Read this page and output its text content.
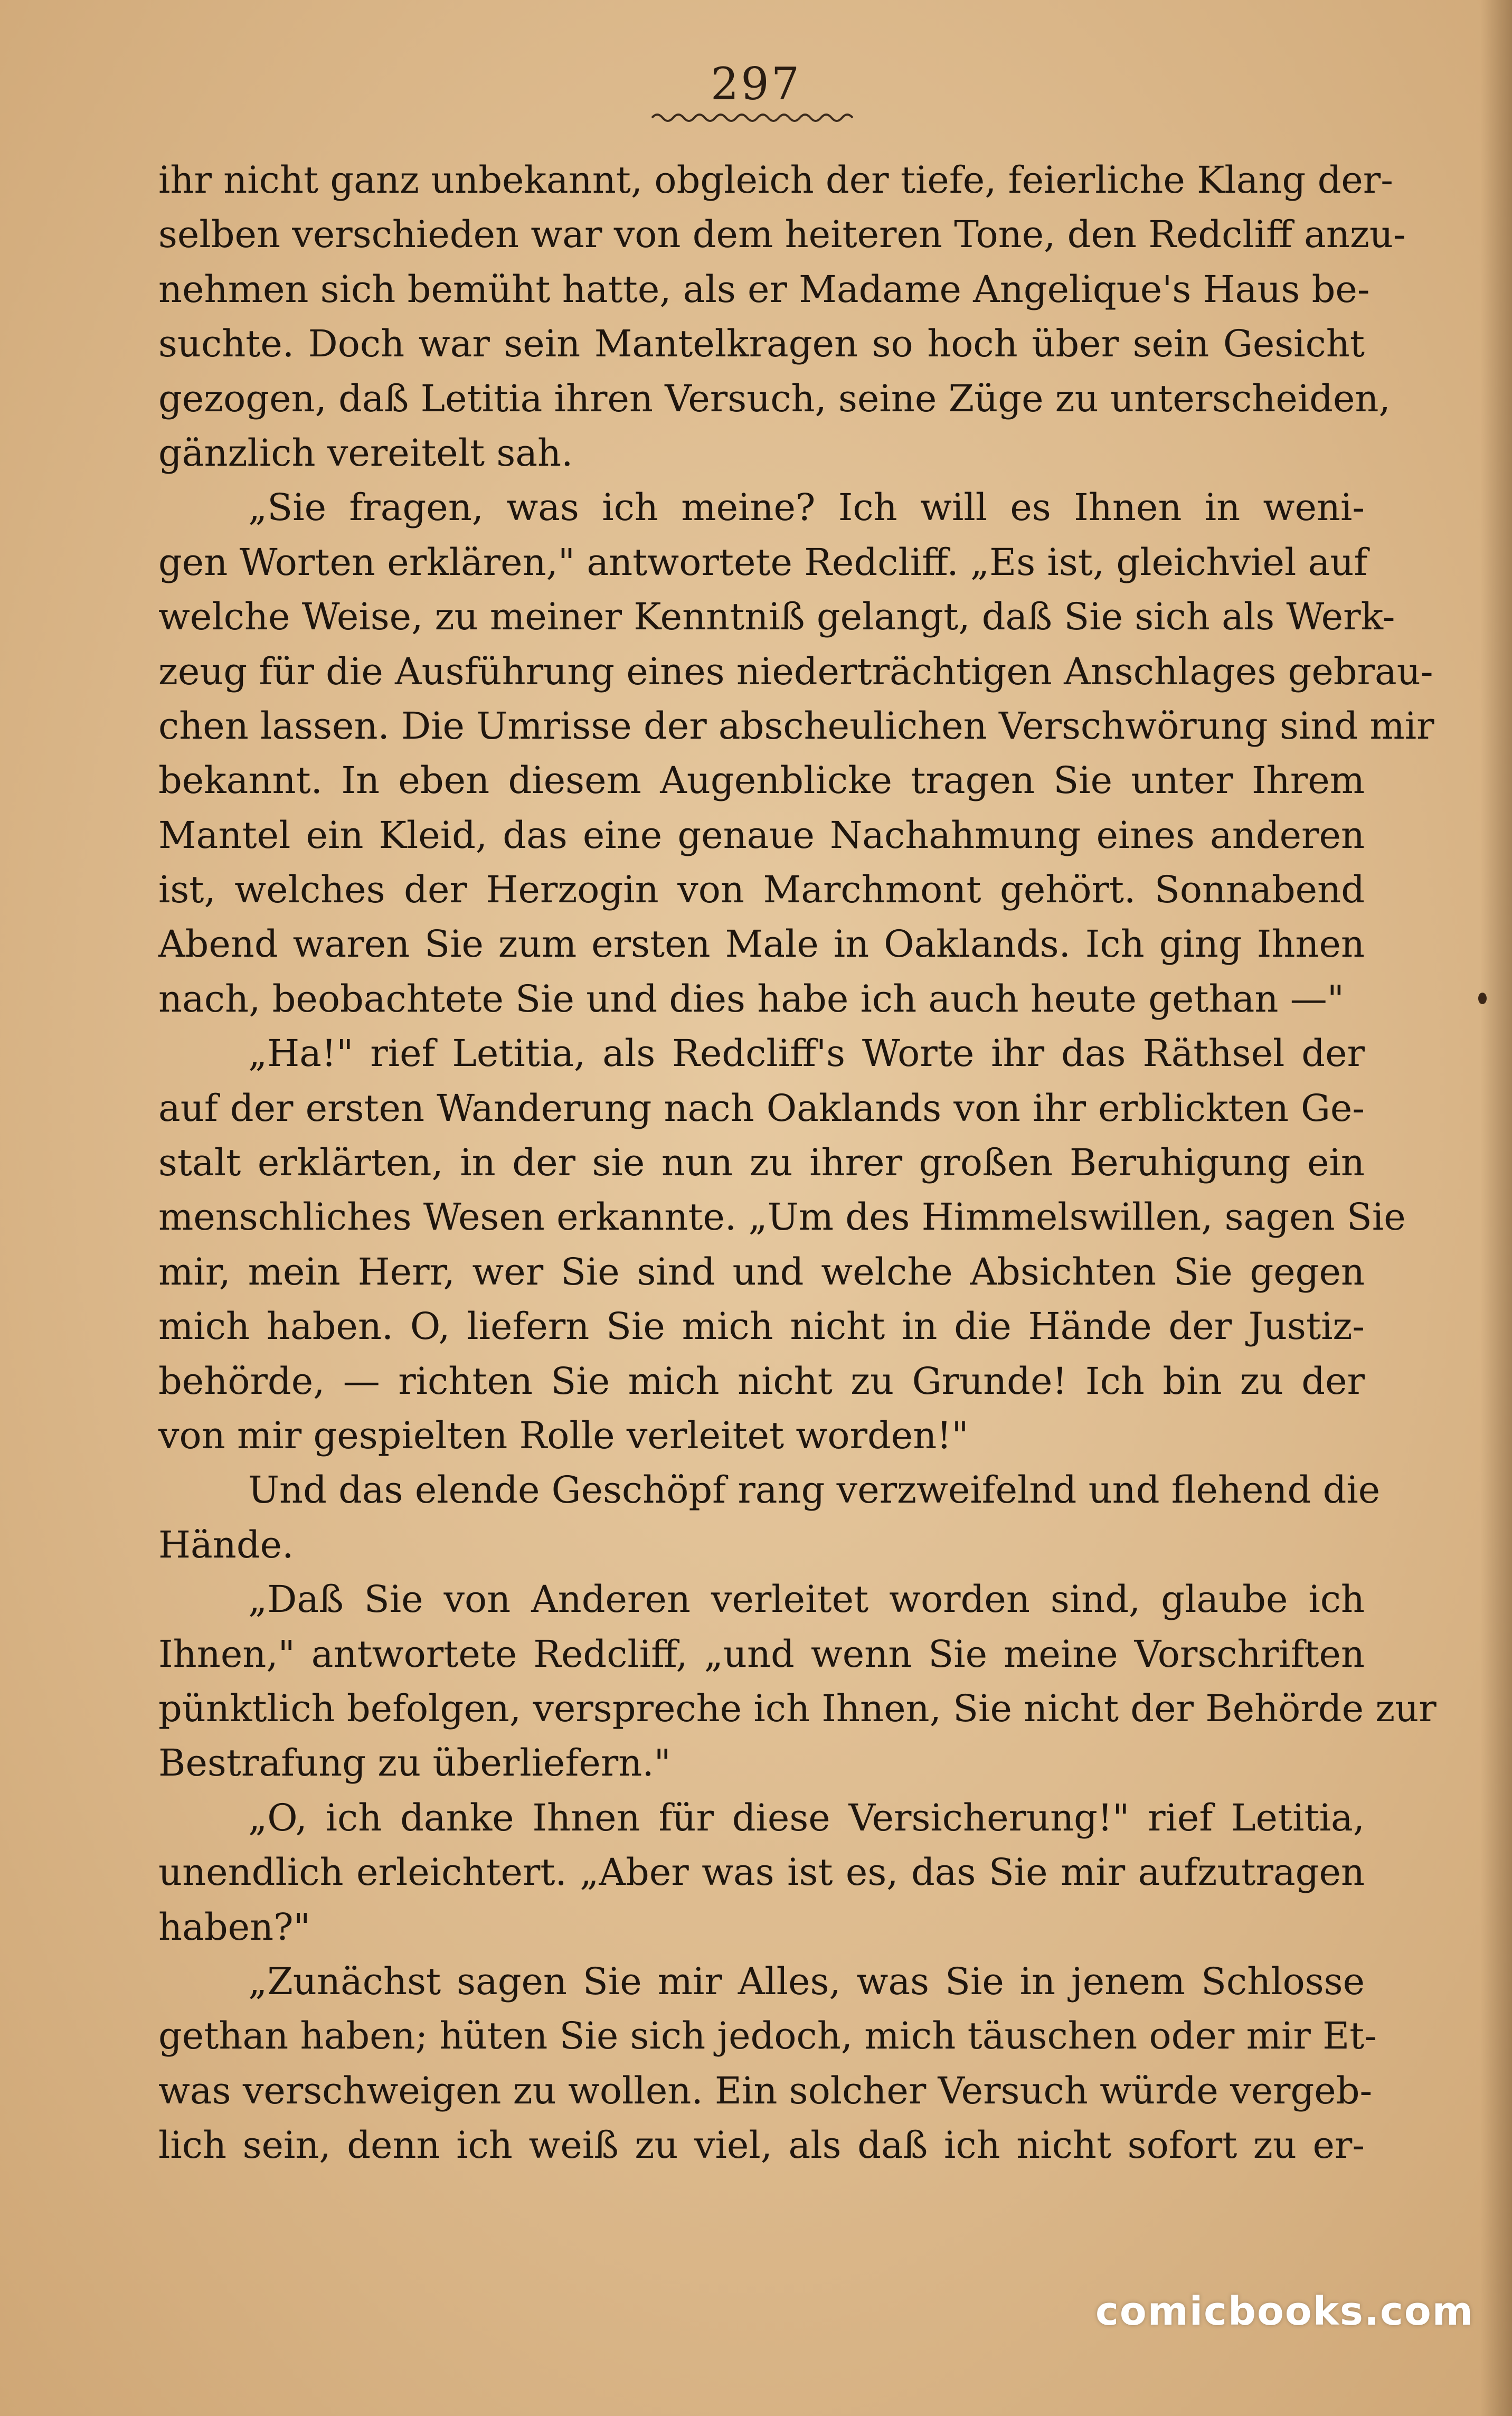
297
ihr nicht ganz unbekannt, obgleich der tiefe, feierliche Klang der-
selben verschieden war von dem heiteren Tone, den Redcliff anzu-
nehmen sich bemüht hatte, als er Madame Angelique's Haus be-
suchte. Doch war sein Mantelkragen so hoch über sein Gesicht
gezogen, daß Letitia ihren Versuch, seine Züge zu unterscheiden,
gänzlich vereitelt sah.
„Sie fragen, was ich meine? Ich will es Ihnen in weni-
gen Worten erklären," antwortete Redcliff. „Es ist, gleichviel auf
welche Weise, zu meiner Kenntniß gelangt, daß Sie sich als Werk-
zeug für die Ausführung eines niederträchtigen Anschlages gebrau-
chen lassen. Die Umrisse der abscheulichen Verschwörung sind mir
bekannt. In eben diesem Augenblicke tragen Sie unter Ihrem
Mantel ein Kleid, das eine genaue Nachahmung eines anderen
ist, welches der Herzogin von Marchmont gehört. Sonnabend
Abend waren Sie zum ersten Male in Oaklands. Ich ging Ihnen
nach, beobachtete Sie und dies habe ich auch heute gethan —"
„Ha!" rief Letitia, als Redcliff's Worte ihr das Räthsel der
auf der ersten Wanderung nach Oaklands von ihr erblickten Ge-
stalt erklärten, in der sie nun zu ihrer großen Beruhigung ein
menschliches Wesen erkannte. „Um des Himmelswillen, sagen Sie
mir, mein Herr, wer Sie sind und welche Absichten Sie gegen
mich haben. O, liefern Sie mich nicht in die Hände der Justiz-
behörde, — richten Sie mich nicht zu Grunde! Ich bin zu der
von mir gespielten Rolle verleitet worden!"
Und das elende Geschöpf rang verzweifelnd und flehend die
Hände.
„Daß Sie von Anderen verleitet worden sind, glaube ich
Ihnen," antwortete Redcliff, „und wenn Sie meine Vorschriften
pünktlich befolgen, verspreche ich Ihnen, Sie nicht der Behörde zur
Bestrafung zu überliefern."
„O, ich danke Ihnen für diese Versicherung!" rief Letitia,
unendlich erleichtert. „Aber was ist es, das Sie mir aufzutragen
haben?"
„Zunächst sagen Sie mir Alles, was Sie in jenem Schlosse
gethan haben; hüten Sie sich jedoch, mich täuschen oder mir Et-
was verschweigen zu wollen. Ein solcher Versuch würde vergeb-
lich sein, denn ich weiß zu viel, als daß ich nicht sofort zu er-
comicbooks.com
